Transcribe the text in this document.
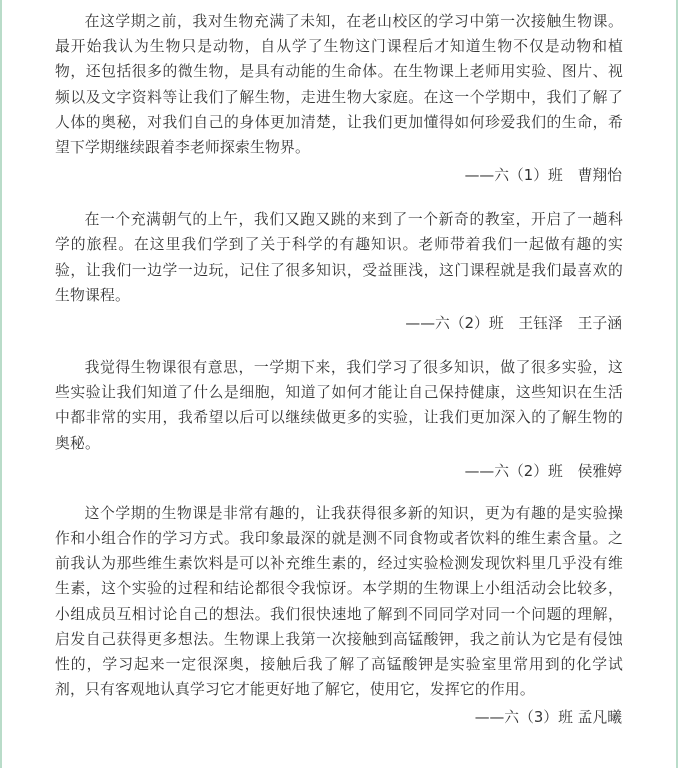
在这学期之前，我对生物充满了未知，在老山校区的学习中第一次接触生物课。最开始我认为生物只是动物，自从学了生物这门课程后才知道生物不仅是动物和植物，还包括很多的微生物，是具有动能的生命体。在生物课上老师用实验、图片、视频以及文字资料等让我们了解生物，走进生物大家庭。在这一个学期中，我们了解了人体的奥秘，对我们自己的身体更加清楚，让我们更加懂得如何珍爱我们的生命，希望下学期继续跟着李老师探索生物界。

——六（1）班　曹翔怡

在一个充满朝气的上午，我们又跑又跳的来到了一个新奇的教室，开启了一趟科学的旅程。在这里我们学到了关于科学的有趣知识。老师带着我们一起做有趣的实验，让我们一边学一边玩，记住了很多知识，受益匪浅，这门课程就是我们最喜欢的生物课程。

——六（2）班　王钰泽　王子涵

我觉得生物课很有意思，一学期下来，我们学习了很多知识，做了很多实验，这些实验让我们知道了什么是细胞，知道了如何才能让自己保持健康，这些知识在生活中都非常的实用，我希望以后可以继续做更多的实验，让我们更加深入的了解生物的奥秘。

——六（2）班　侯雅婷

这个学期的生物课是非常有趣的，让我获得很多新的知识，更为有趣的是实验操作和小组合作的学习方式。我印象最深的就是测不同食物或者饮料的维生素含量。之前我认为那些维生素饮料是可以补充维生素的，经过实验检测发现饮料里几乎没有维生素，这个实验的过程和结论都很令我惊讶。本学期的生物课上小组活动会比较多，小组成员互相讨论自己的想法。我们很快速地了解到不同同学对同一个问题的理解，启发自己获得更多想法。生物课上我第一次接触到高锰酸钾，我之前认为它是有侵蚀性的，学习起来一定很深奥，接触后我了解了高锰酸钾是实验室里常用到的化学试剂，只有客观地认真学习它才能更好地了解它，使用它，发挥它的作用。

——六（3）班 孟凡曦
